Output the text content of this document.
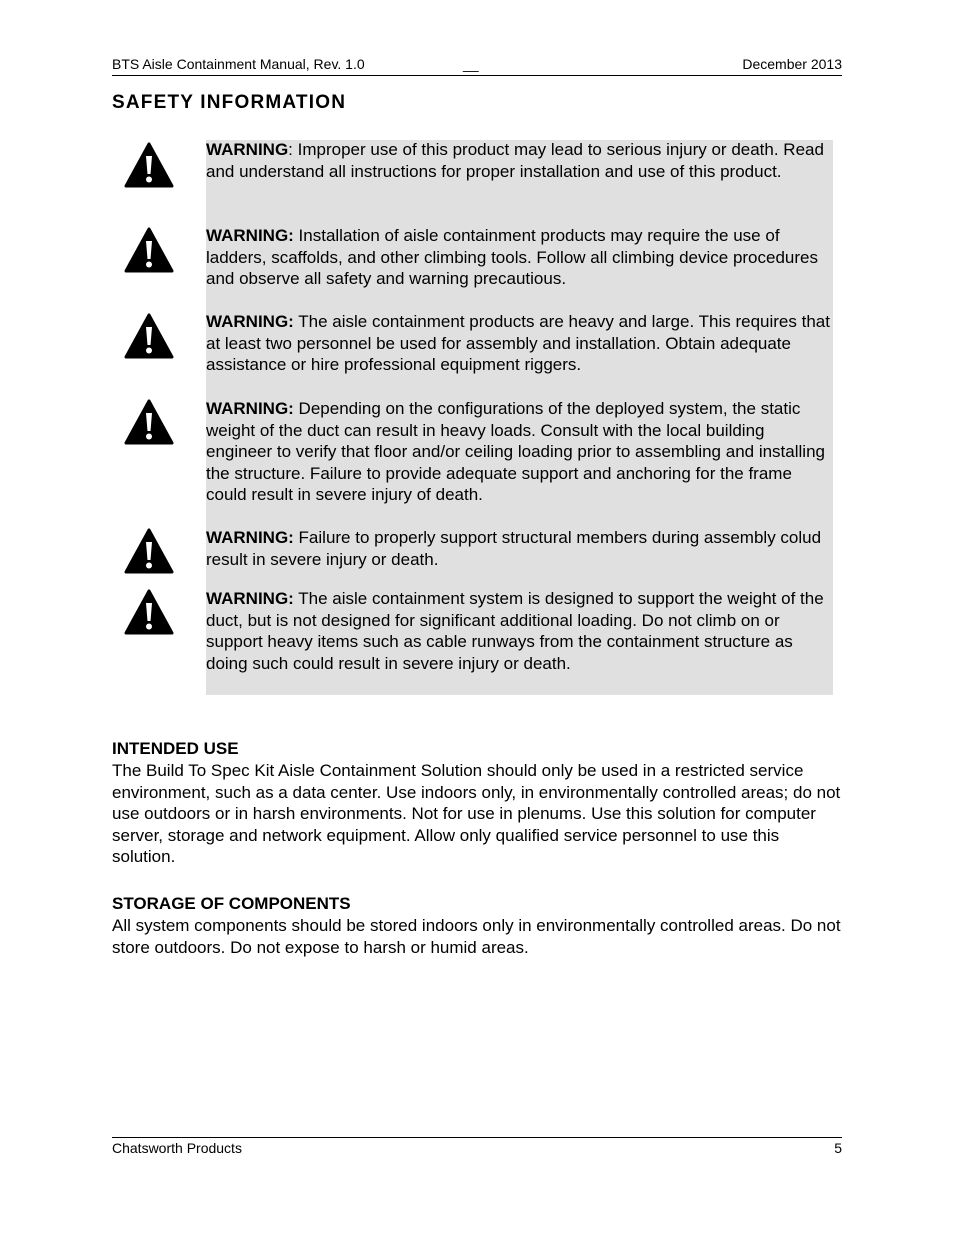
BTS Aisle Containment Manual, Rev. 1.0	__	December 2013
SAFETY INFORMATION

WARNING: Improper use of this product may lead to serious injury or death. Read and understand all instructions for proper installation and use of this product.

WARNING: Installation of aisle containment products may require the use of ladders, scaffolds, and other climbing tools. Follow all climbing device procedures and observe all safety and warning precautious.

WARNING: The aisle containment products are heavy and large. This requires that at least two personnel be used for assembly and installation. Obtain adequate assistance or hire professional equipment riggers.

WARNING: Depending on the configurations of the deployed system, the static weight of the duct can result in heavy loads. Consult with the local building engineer to verify that floor and/or ceiling loading prior to assembling and installing the structure. Failure to provide adequate support and anchoring for the frame could result in severe injury of death.

WARNING: Failure to properly support structural members during assembly colud result in severe injury or death.

WARNING: The aisle containment system is designed to support the weight of the duct, but is not designed for significant additional loading. Do not climb on or support heavy items such as cable runways from the containment structure as doing such could result in severe injury or death.

INTENDED USE

The Build To Spec Kit Aisle Containment Solution should only be used in a restricted service environment, such as a data center. Use indoors only, in environmentally controlled areas; do not use outdoors or in harsh environments. Not for use in plenums. Use this solution for computer server, storage and network equipment. Allow only qualified service personnel to use this solution.

STORAGE OF COMPONENTS

All system components should be stored indoors only in environmentally controlled areas. Do not store outdoors. Do not expose to harsh or humid areas.

Chatsworth Products	5
